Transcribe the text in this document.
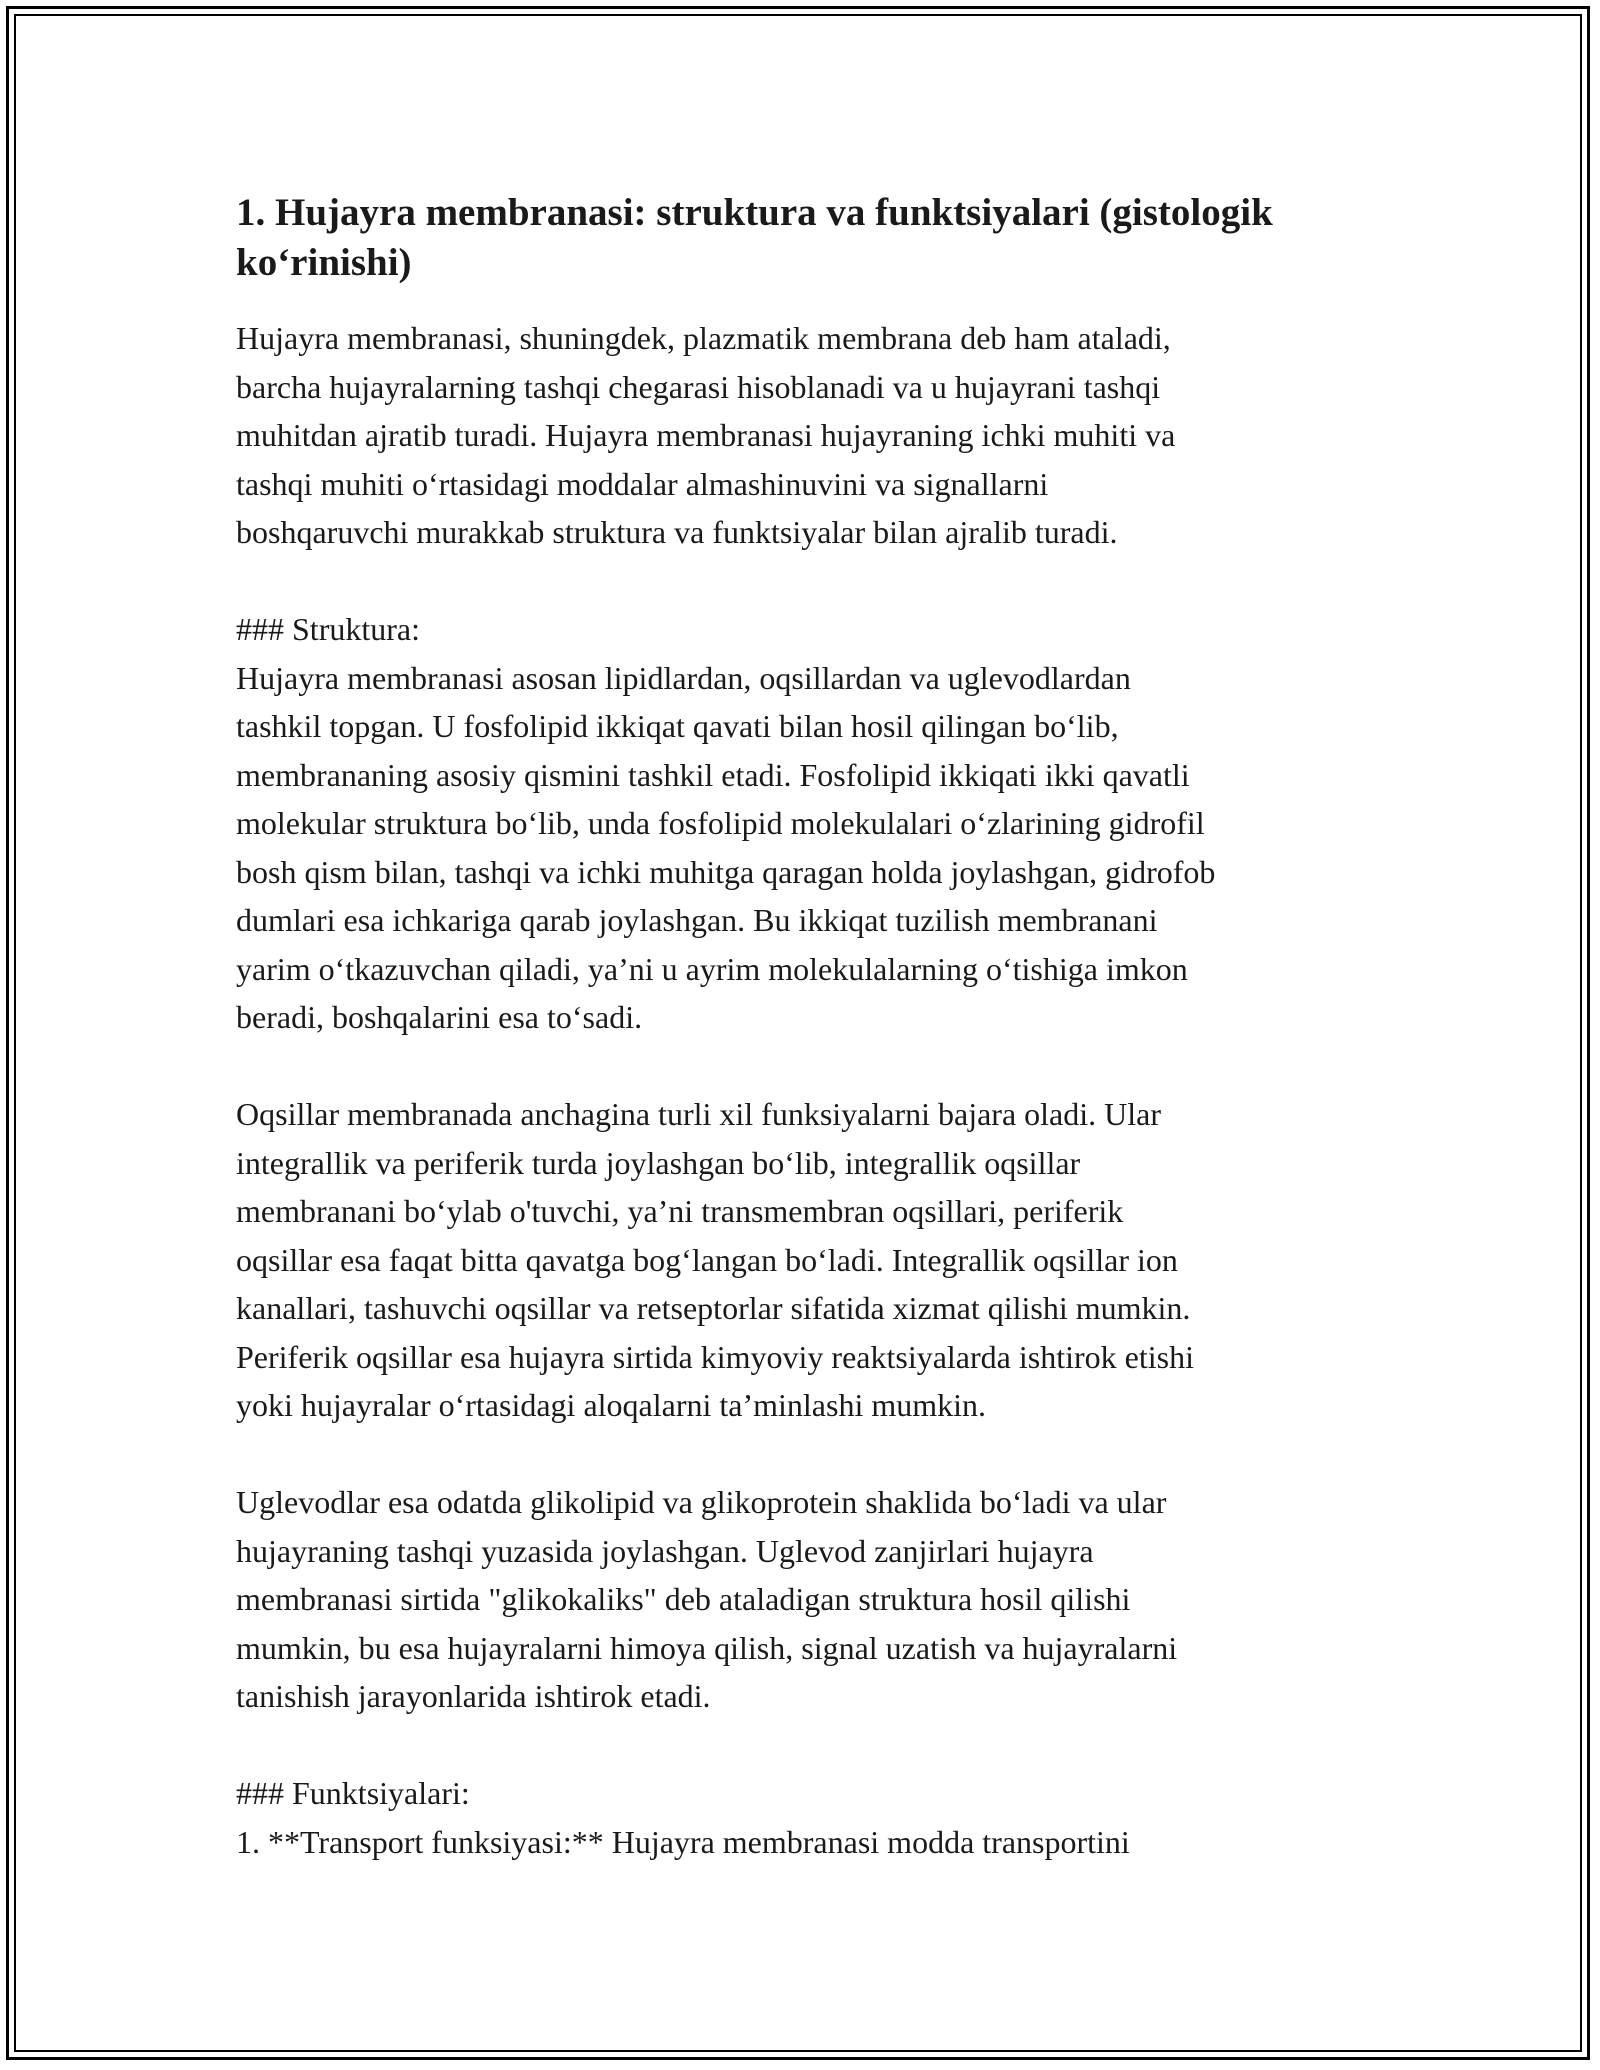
1. Hujayra membranasi: struktura va funktsiyalari (gistologik ko‘rinishi)

Hujayra membranasi, shuningdek, plazmatik membrana deb ham ataladi,
barcha hujayralarning tashqi chegarasi hisoblanadi va u hujayrani tashqi
muhitdan ajratib turadi. Hujayra membranasi hujayraning ichki muhiti va
tashqi muhiti o‘rtasidagi moddalar almashinuvini va signallarni
boshqaruvchi murakkab struktura va funktsiyalar bilan ajralib turadi.

### Struktura:
Hujayra membranasi asosan lipidlardan, oqsillardan va uglevodlardan
tashkil topgan. U fosfolipid ikkiqat qavati bilan hosil qilingan bo‘lib,
membrananing asosiy qismini tashkil etadi. Fosfolipid ikkiqati ikki qavatli
molekular struktura bo‘lib, unda fosfolipid molekulalari o‘zlarining gidrofil
bosh qism bilan, tashqi va ichki muhitga qaragan holda joylashgan, gidrofob
dumlari esa ichkariga qarab joylashgan. Bu ikkiqat tuzilish membranani
yarim o‘tkazuvchan qiladi, ya’ni u ayrim molekulalarning o‘tishiga imkon
beradi, boshqalarini esa to‘sadi.

Oqsillar membranada anchagina turli xil funksiyalarni bajara oladi. Ular
integrallik va periferik turda joylashgan bo‘lib, integrallik oqsillar
membranani bo‘ylab o'tuvchi, ya’ni transmembran oqsillari, periferik
oqsillar esa faqat bitta qavatga bog‘langan bo‘ladi. Integrallik oqsillar ion
kanallari, tashuvchi oqsillar va retseptorlar sifatida xizmat qilishi mumkin.
Periferik oqsillar esa hujayra sirtida kimyoviy reaktsiyalarda ishtirok etishi
yoki hujayralar o‘rtasidagi aloqalarni ta’minlashi mumkin.

Uglevodlar esa odatda glikolipid va glikoprotein shaklida bo‘ladi va ular
hujayraning tashqi yuzasida joylashgan. Uglevod zanjirlari hujayra
membranasi sirtida "glikokaliks" deb ataladigan struktura hosil qilishi
mumkin, bu esa hujayralarni himoya qilish, signal uzatish va hujayralarni
tanishish jarayonlarida ishtirok etadi.

### Funktsiyalari:
1. **Transport funksiyasi:** Hujayra membranasi modda transportini
